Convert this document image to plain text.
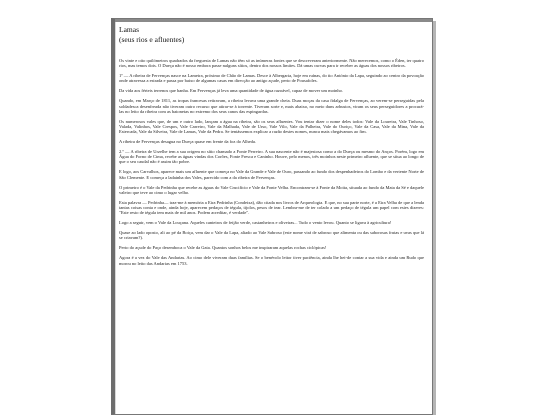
Lamas
(seus rios e afluentes)

Os vinte e oito quilómetros quadrados da freguesia de Lamas não têm só as inúmeras fontes que se descreveram anteriormente. Não merecemos, como o Éden, ter quatro rios, mas temos dois. O Dueça não é nosso embora passe nalguns sítios, dentro dos nossos limites. Dá umas curvas para ir receber as águas dos nossos ribeiros.

1º — A ribeira de Fervenças nasce na Lameira, próximo de Chão de Lamas. Desce à Albergaria, hoje em ruínas, do tio António da Lapa, seguindo ao centro da povoação onde atravessa a estrada e passa por baixo de algumas casas em direcção ao antigo açude, perto de Pousafoles.

Da vida aos férteis terrenos que banha. Em Fervenças já leva uma quantidade de água razoável, capaz de mover um moinho.

Quando, em Março de 1811, as tropas francesas retiravam, a ribeira levava uma grande cheia. Duas moças da casa fidalga de Fervenças, ao verem-se perseguidas pela soldadesca desenfreada não tiveram outro recurso que atirar-se à torrente. Tiveram sorte e, mais abaixo, no meio duns arbustos, viram os seus perseguidores a procurá-las no leito da ribeira com as baionetas no extremo dos seus canos das espingardas.

Os numerosos vales que, de um e outro lado, lançam a água na ribeira, são os seus afluentes. Vou tentar dizer o nome deles todos: Vale da Loureira, Vale Tinhoso, Valada, Valinhos, Vale Crespos, Vale Carreiro, Vale da Malhada, Vale de Urso, Vale Vilo, Vale da Palheira, Vale do Ouriço, Vale da Casa, Vale da Mina, Vale da Estercada, Vale da Silveira, Vale de Lamas, Vale da Pedra. Se tentássemos explicar a razão destes nomes, nunca mais chegávamos ao fim.

A ribeira de Fervenças desagua no Dueça quase em frente da foz do Alheda.

2.º — A ribeira de Urzelhe tem a sua origem no sítio chamado a Fonte Perreiro. A sua nascente não é majestosa como a do Dueça ou mesmo do Anços. Porém, logo em Água do Forno de Cima, recebe as águas vindas dos Corões, Fonte Fresca e Caninho. Houve, pelo menos, três moinhos neste primeiro afluente, que se situa ao longo de que o seu caudal não é assim tão pobre.

E logo, aos Carvalhos, aparece mais um afluente que começa no Vale da Grande e Vale de Ouro, passando ao fundo dos despenhadeiros do Lombo e da vertente Norte de São Clemente. E começa a ladainha dos Vales, parecido com a da ribeira de Fervenças.

O primeiro é o Vale da Pedrinha que recebe as águas do Vale Crucifício e Vale da Fonte Velha. Encontram-se à Fonte da Moita, situada ao fundo da Mata da Sé e daquele valeiro que teve ao cimo o lugar velho.

Esta palavra — Pedrinha— traz-me à memória a Eira Pedrinha (Condeixa), dão citada nos livros de Arqueologia. E que, no sua parte norte, é a Eira Velha de que a lenda tantas coisas conta e onde, ainda hoje, aparecem pedaços de tégula, tijolos, pesos de tear. Lembra-me de ter colado a um pedaço de tégula um papel com estes dizeres: "Este resto de tégula tem mais de mil anos. Podem acreditar, é verdade".

Logo a seguir, vem o Vale da Louçana. Aqueles canteiros de feijão verde, castanheiros e oliveiras... Tudo o vento levou. Quanto se ligava à agricultura!

Quase ao lado oposto, ali ao pé da Boiça, vem dar o Vale da Lapa, aliado ao Vale Sabroso (este nome virá de sabroso que alimenta ou das saborosas frutas e uvas que lá se criavam?).

Perto do açude do Paço desemboca o Vale da Gata. Quantos sonhos belos me inspiraram aquelas rochas ciclópicas!

Agora é a vez do Vale das Andarias. Ao cimo dele viveram duas famílias. Se o benévolo leitor tiver paciência, ainda lhe hei-de contar a sua vida e ainda um Rudo que morou no leito das Andarias em 1753.
